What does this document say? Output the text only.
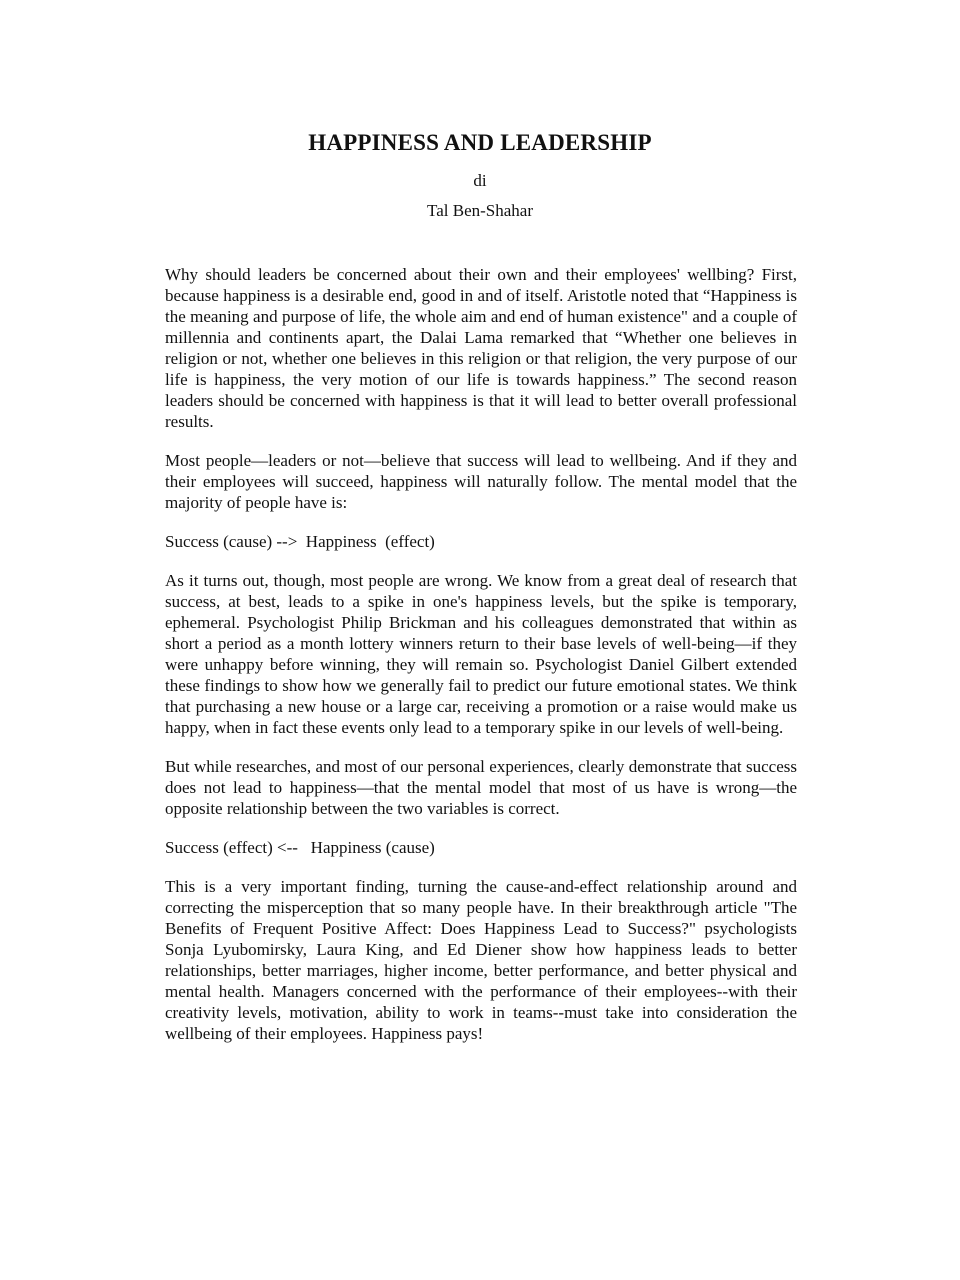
HAPPINESS AND LEADERSHIP
di
Tal Ben-Shahar

Why should leaders be concerned about their own and their employees' wellbing? First, because happiness is a desirable end, good in and of itself. Aristotle noted that “Happiness is the meaning and purpose of life, the whole aim and end of human existence" and a couple of millennia and continents apart, the Dalai Lama remarked that “Whether one believes in religion or not, whether one believes in this religion or that religion, the very purpose of our life is happiness, the very motion of our life is towards happiness.” The second reason leaders should be concerned with happiness is that it will lead to better overall professional results.

Most people—leaders or not—believe that success will lead to wellbeing. And if they and their employees will succeed, happiness will naturally follow. The mental model that the majority of people have is:

Success (cause) -->  Happiness  (effect)

As it turns out, though, most people are wrong. We know from a great deal of research that success, at best, leads to a spike in one's happiness levels, but the spike is temporary, ephemeral. Psychologist Philip Brickman and his colleagues demonstrated that within as short a period as a month lottery winners return to their base levels of well-being—if they were unhappy before winning, they will remain so. Psychologist Daniel Gilbert extended these findings to show how we generally fail to predict our future emotional states. We think that purchasing a new house or a large car, receiving a promotion or a raise would make us happy, when in fact these events only lead to a temporary spike in our levels of well-being.

But while researches, and most of our personal experiences, clearly demonstrate that success does not lead to happiness—that the mental model that most of us have is wrong—the opposite relationship between the two variables is correct.

Success (effect) <--   Happiness (cause)

This is a very important finding, turning the cause-and-effect relationship around and correcting the misperception that so many people have. In their breakthrough article "The Benefits of Frequent Positive Affect: Does Happiness Lead to Success?" psychologists Sonja Lyubomirsky, Laura King, and Ed Diener show how happiness leads to better relationships, better marriages, higher income, better performance, and better physical and mental health. Managers concerned with the performance of their employees--with their creativity levels, motivation, ability to work in teams--must take into consideration the wellbeing of their employees. Happiness pays!
